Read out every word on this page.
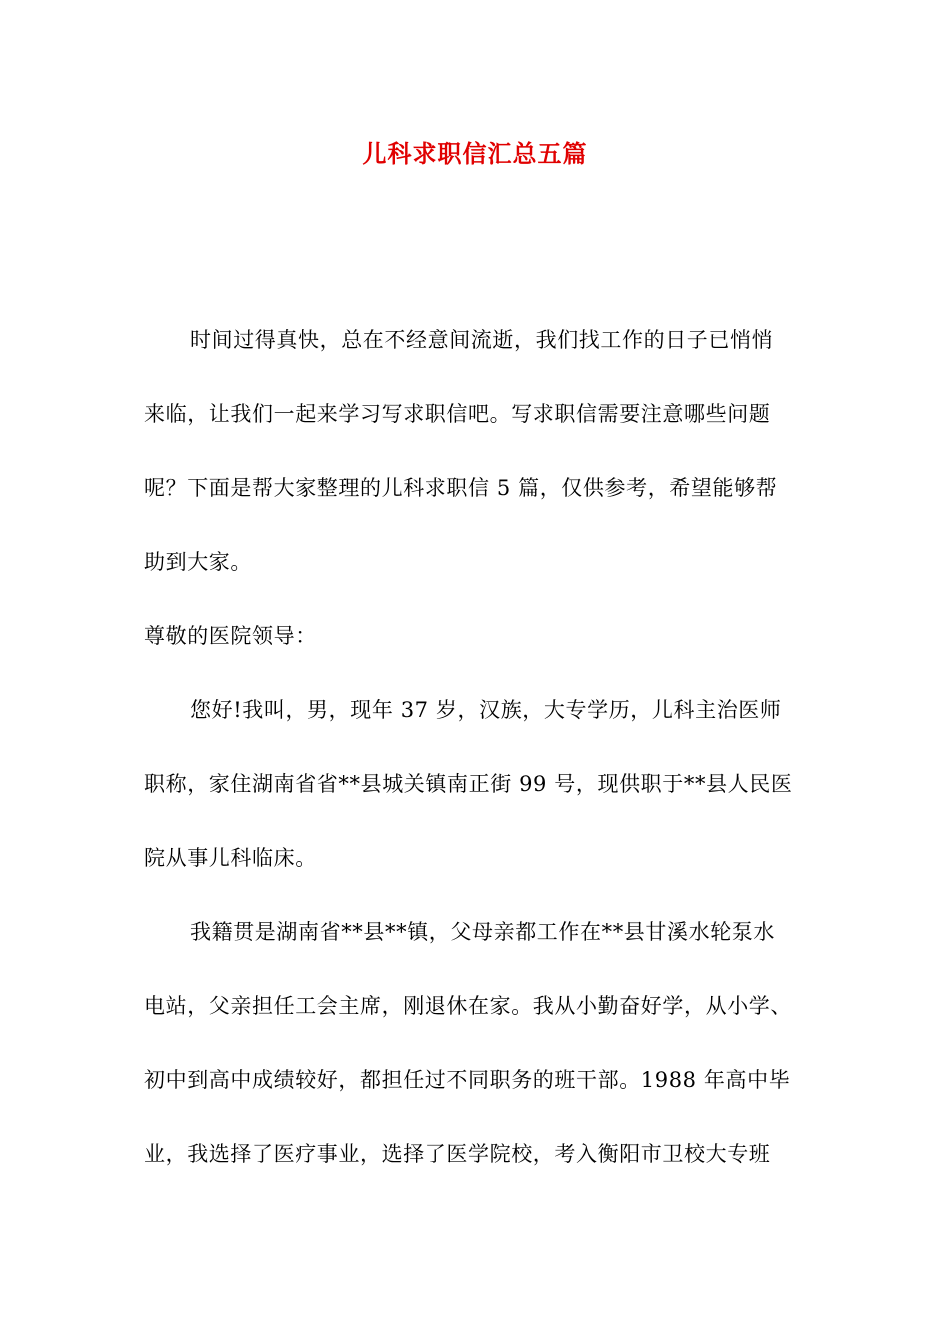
儿科求职信汇总五篇
时间过得真快，总在不经意间流逝，我们找工作的日子已悄悄
来临，让我们一起来学习写求职信吧。写求职信需要注意哪些问题
呢？下面是帮大家整理的儿科求职信 5 篇，仅供参考，希望能够帮
助到大家。
尊敬的医院领导：
您好!我叫，男，现年 37 岁，汉族，大专学历，儿科主治医师
职称，家住湖南省省**县城关镇南正街 99 号，现供职于**县人民医
院从事儿科临床。
我籍贯是湖南省**县**镇，父母亲都工作在**县甘溪水轮泵水
电站，父亲担任工会主席，刚退休在家。我从小勤奋好学，从小学、
初中到高中成绩较好，都担任过不同职务的班干部。1988 年高中毕
业，我选择了医疗事业，选择了医学院校，考入衡阳市卫校大专班
